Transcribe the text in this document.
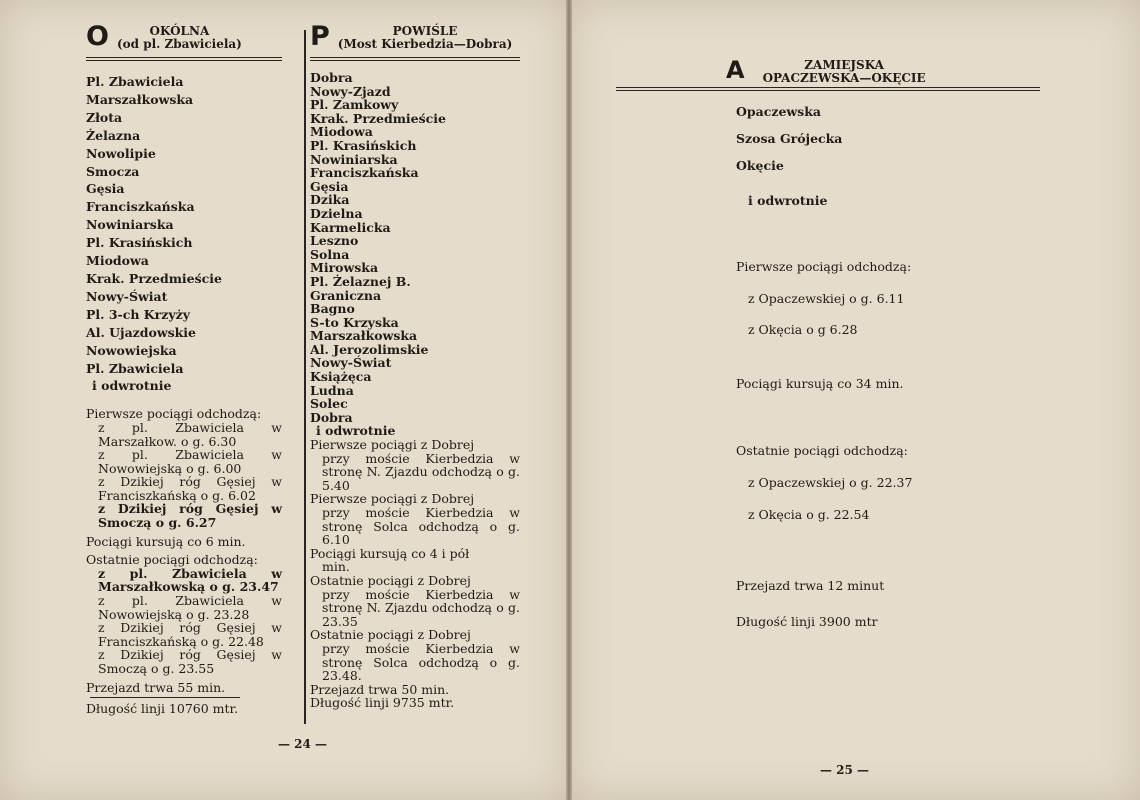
O	OKÓLNA
(od pl. Zbawiciela)
Pl. Zbawiciela
Marszałkowska
Złota
Żelazna
Nowolipie
Smocza
Gęsia
Franciszkańska
Nowiniarska
Pl. Krasińskich
Miodowa
Krak. Przedmieście
Nowy-Świat
Pl. 3-ch Krzyży
Al. Ujazdowskie
Nowowiejska
Pl. Zbawiciela
i odwrotnie

Pierwsze pociągi odchodzą:

z pl. Zbawiciela w Marszałkow. o g. 6.30

z pl. Zbawiciela w Nowowiejską o g. 6.00

z Dzikiej róg Gęsiej w Franciszkańską o g. 6.02

z Dzikiej róg Gęsiej w Smoczą o g. 6.27

Pociągi kursują co 6 min.

Ostatnie pociągi odchodzą:

z pl. Zbawiciela w Marszałkowską o g. 23.47

z pl. Zbawiciela w Nowowiejską o g. 23.28

z Dzikiej róg Gęsiej w Franciszkańską o g. 22.48

z Dzikiej róg Gęsiej w Smoczą o g. 23.55

Przejazd trwa 55 min.

Długość linji 10760 mtr.

P	POWIŚLE
(Most Kierbedzia—Dobra)
Dobra
Nowy-Zjazd
Pl. Zamkowy
Krak. Przedmieście
Miodowa
Pl. Krasińskich
Nowiniarska
Franciszkańska
Gęsia
Dzika
Dzielna
Karmelicka
Leszno
Solna
Mirowska
Pl. Żelaznej B.
Graniczna
Bagno
S-to Krzyska
Marszałkowska
Al. Jerozolimskie
Nowy-Świat
Książęca
Ludna
Solec
Dobra
i odwrotnie

Pierwsze pociągi z Dobrej

przy moście Kierbedzia w stronę N. Zjazdu odchodzą o g. 5.40

Pierwsze pociągi z Dobrej

przy moście Kierbedzia w stronę Solca odchodzą o g. 6.10

Pociągi kursują co 4 i pół

min.

Ostatnie pociągi z Dobrej

przy moście Kierbedzia w stronę N. Zjazdu odchodzą o g. 23.35

Ostatnie pociągi z Dobrej

przy moście Kierbedzia w stronę Solca odchodzą o g. 23.48.

Przejazd trwa 50 min.

Długość linji 9735 mtr.

— 24 —
A	ZAMIEJSKA
OPACZEWSKA—OKĘCIE
Opaczewska
Szosa Grójecka
Okęcie
i odwrotnie
Pierwsze pociągi odchodzą:
z Opaczewskiej o g. 6.11
z Okęcia o g 6.28
Pociągi kursują co 34 min.
Ostatnie pociągi odchodzą:
z Opaczewskiej o g. 22.37
z Okęcia o g. 22.54
Przejazd trwa 12 minut
Długość linji 3900 mtr
— 25 —
